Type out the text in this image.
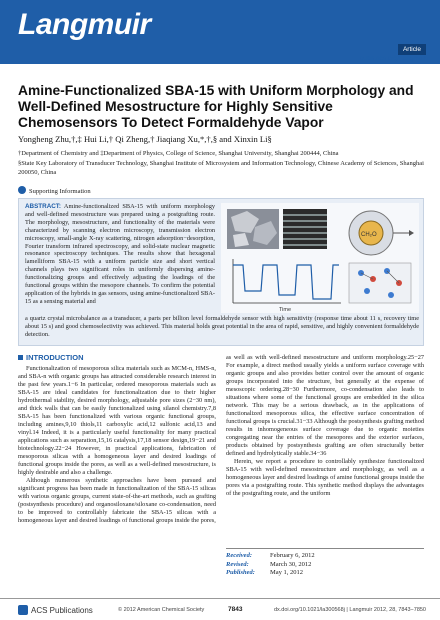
Langmuir
Article
pubs.acs.org/Langmuir
Amine-Functionalized SBA-15 with Uniform Morphology and Well-Defined Mesostructure for Highly Sensitive Chemosensors To Detect Formaldehyde Vapor
Yongheng Zhu,†,‡ Hui Li,† Qi Zheng,† Jiaqiang Xu,*,†,§ and Xinxin Li§
†Department of Chemistry and ‡Department of Physics, College of Science, Shanghai University, Shanghai 200444, China
§State Key Laboratory of Transducer Technology, Shanghai Institute of Microsystem and Information Technology, Chinese Academy of Sciences, Shanghai 200050, China
Supporting Information
ABSTRACT: Amine-functionalized SBA-15 with uniform morphology and well-defined mesostructure was prepared using a postgrafting route. The morphology, mesostructure, and functionality of the materials were characterized by scanning electron microscopy, transmission electron microscopy, small-angle X-ray scattering, nitrogen adsorption−desorption, Fourier transform infrared spectroscopy, and solid-state nuclear magnetic resonance spectroscopy techniques. The results show that hexagonal lamelliform SBA-15 with a uniform particle size and short vertical channels plays two significant roles in uniformly dispersing amine-functionalizing groups and effectively adjusting the loadings of the functional groups within the mesopore channels. To confirm the potential application of the hybrids in gas sensors, using amine-functionalized SBA-15 as a sensing material and
CH₂O
Time
a quartz crystal microbalance as a transducer, a parts per billion level formaldehyde sensor with high sensitivity (response time about 11 s, recovery time about 15 s) and good chemoselectivity was achieved. This material holds great potential in the area of rapid, sensitive, and highly convenient formaldehyde detection.
INTRODUCTION

Functionalization of mesoporous silica materials such as MCM-n, HMS-n, and SBA-n with organic groups has attracted considerable research interest in the past few years.1−6 In particular, ordered mesoporous materials such as SBA-15 are ideal candidates for functionalization due to their higher hydrothermal stability, desired morphology, adjustable pore sizes (2−30 nm), and thick walls that can be easily functionalized using silanol chemistry.7,8 SBA-15 has been functionalized with various organic functional groups, including amines,9,10 thiols,11 carboxylic acid,12 sulfonic acid,13 and vinyl.14 Indeed, it is a particularly useful functionality for many practical applications such as separation,15,16 catalysis,17,18 sensor design,19−21 and biotechnology.22−24 However, in practical applications, fabrication of mesoporous silicas with a homogeneous layer and desired loadings of functional groups inside the pores, as well as a well-defined mesostructure, is highly desirable and also a challenge.

Although numerous synthetic approaches have been pursued and significant progress has been made in functionalization of the SBA-15 silicas with various organic groups, current state-of-the-art methods, such as grafting (postsynthesis procedure) and organosiloxane/siloxane co-condensation, need to be improved to controllably fabricate the SBA-15 silicas with a homogeneous layer and desired loadings of functional groups inside the pores,

as well as with well-defined mesostructure and uniform morphology.25−27 For example, a direct method usually yields a uniform surface coverage with organic groups and also provides better control over the amount of organic groups incorporated into the structure, but generally at the expense of mesoscopic ordering.28−30 Furthermore, co-condensation also leads to situations where some of the functional groups are embedded in the silica network. This may be a serious drawback, as in the applications of functionalized mesoporous silica, the effective surface concentration of functional groups is crucial.31−33 Although the postsynthesis grafting method results in inhomogeneous surface coverage due to organic moieties congregating near the entries of the mesopores and the exterior surfaces, products obtained by postsynthesis grafting are often structurally better defined and hydrolytically stable.34−36

Herein, we report a procedure to controllably synthesize functionalized SBA-15 with well-defined mesostructure and morphology, as well as a homogeneous layer and desired loadings of amine functional groups inside the pores via a postgrafting route. This synthetic method displays the advantages of the postgrafting route, and the uniform

Received:	February 6, 2012
Revised:	March 30, 2012
Published: May 1, 2012
ACS Publications	© 2012 American Chemical Society	7843	dx.doi.org/10.1021/la300568j | Langmuir 2012, 28, 7843−7850
